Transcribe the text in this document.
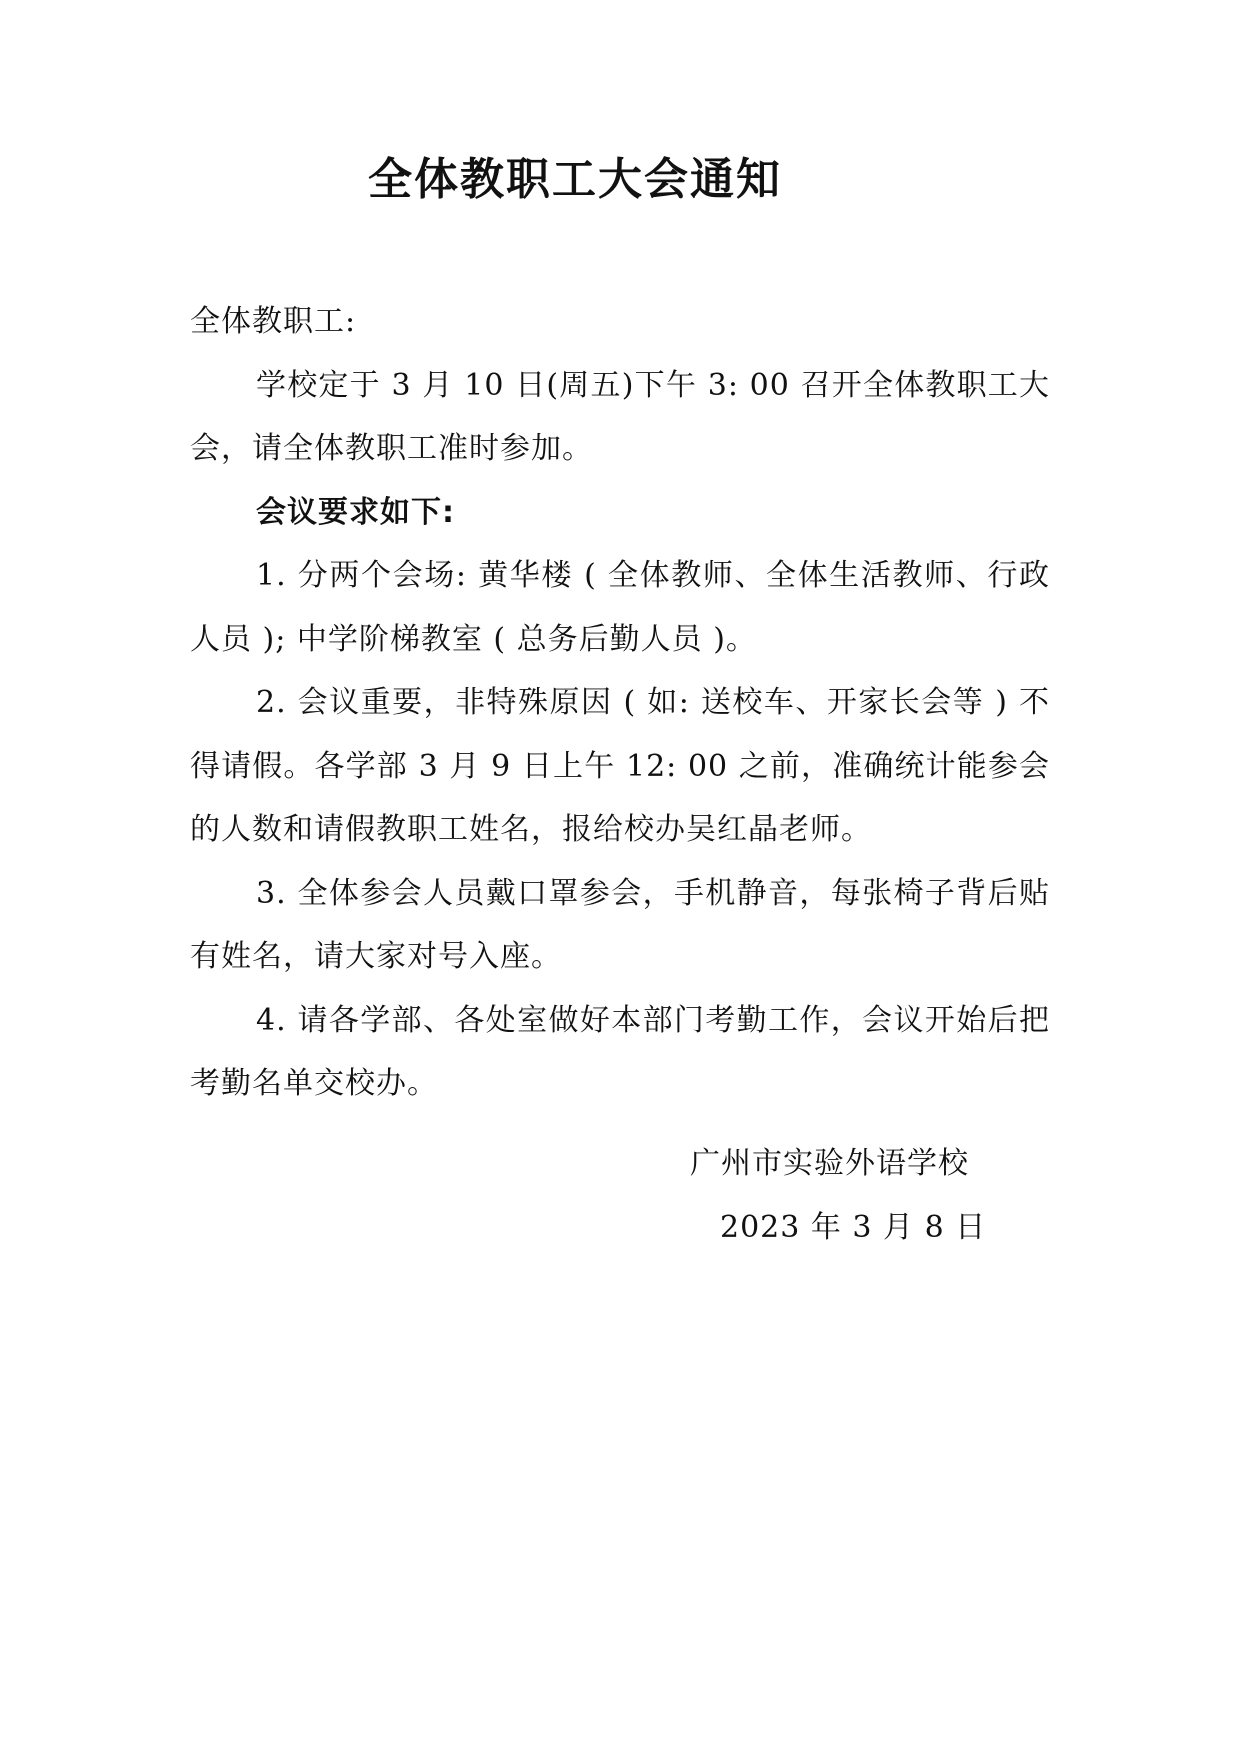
全体教职工大会通知

全体教职工:

学校定于 3 月 10 日(周五)下午 3: 00 召开全体教职工大会，请全体教职工准时参加。

会议要求如下:

1. 分两个会场: 黄华楼 ( 全体教师、全体生活教师、行政人员 ); 中学阶梯教室 ( 总务后勤人员 )。

2. 会议重要，非特殊原因 ( 如: 送校车、开家长会等 ) 不得请假。各学部 3 月 9 日上午 12: 00 之前，准确统计能参会的人数和请假教职工姓名，报给校办吴红晶老师。

3. 全体参会人员戴口罩参会，手机静音，每张椅子背后贴有姓名，请大家对号入座。

4. 请各学部、各处室做好本部门考勤工作，会议开始后把考勤名单交校办。

广州市实验外语学校
2023 年 3 月 8 日
